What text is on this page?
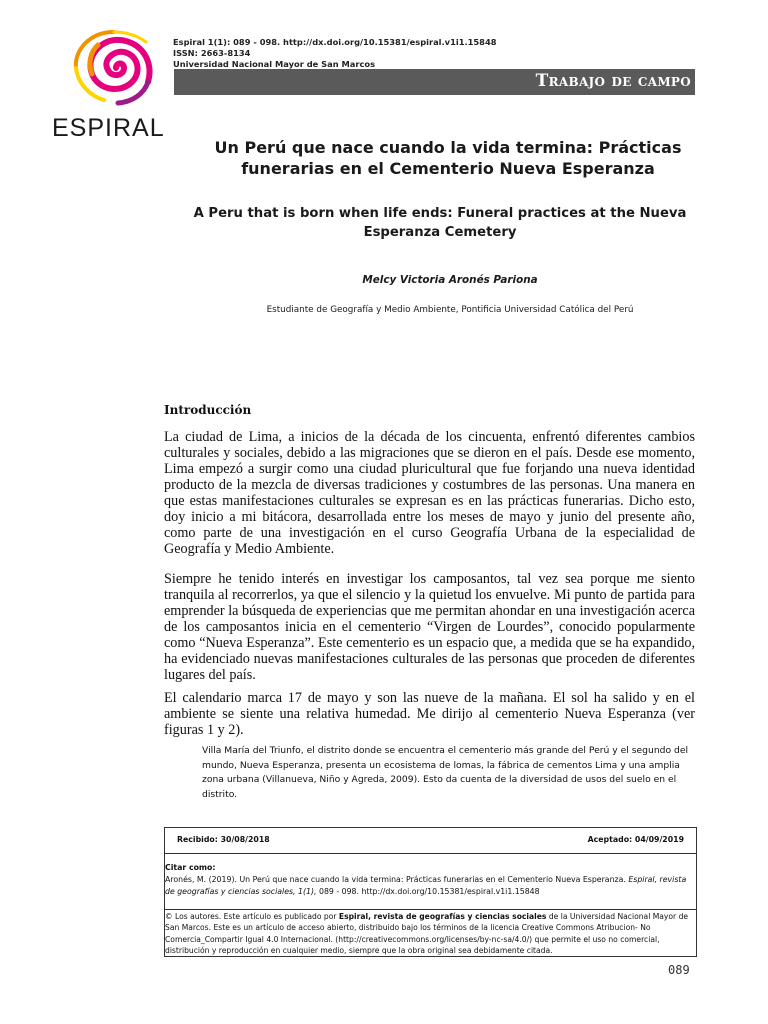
ESPIRAL
Espiral 1(1): 089 - 098. http://dx.doi.org/10.15381/espiral.v1i1.15848
ISSN: 2663-8134
Universidad Nacional Mayor de San Marcos
Trabajo de campo
Un Perú que nace cuando la vida termina: Prácticas funerarias en el Cementerio Nueva Esperanza
A Peru that is born when life ends: Funeral practices at the Nueva Esperanza Cemetery
Melcy Victoria Aronés Pariona
Estudiante de Geografía y Medio Ambiente, Pontificia Universidad Católica del Perú
Introducción

La ciudad de Lima, a inicios de la década de los cincuenta, enfrentó diferentes cambios culturales y sociales, debido a las migraciones que se dieron en el país. Desde ese momento, Lima empezó a surgir como una ciudad pluricultural que fue forjando una nueva identidad producto de la mezcla de diversas tradiciones y costumbres de las personas. Una manera en que estas manifestaciones culturales se expresan es en las prácticas funerarias. Dicho esto, doy inicio a mi bitácora, desarrollada entre los meses de mayo y junio del presente año, como parte de una investigación en el curso Geografía Urbana de la especialidad de Geografía y Medio Ambiente.

Siempre he tenido interés en investigar los camposantos, tal vez sea porque me siento tranquila al recorrerlos, ya que el silencio y la quietud los envuelve. Mi punto de partida para emprender la búsqueda de experiencias que me permitan ahondar en una investigación acerca de los camposantos inicia en el cementerio “Virgen de Lourdes”, conocido popularmente como “Nueva Esperanza”. Este cementerio es un espacio que, a medida que se ha expandido, ha evidenciado nuevas manifestaciones culturales de las personas que proceden de diferentes lugares del país.

El calendario marca 17 de mayo y son las nueve de la mañana. El sol ha salido y en el ambiente se siente una relativa humedad. Me dirijo al cementerio Nueva Esperanza (ver figuras 1 y 2).

Villa María del Triunfo, el distrito donde se encuentra el cementerio más grande del Perú y el segundo del mundo, Nueva Esperanza, presenta un ecosistema de lomas, la fábrica de cementos Lima y una amplia zona urbana (Villanueva, Niño y Agreda, 2009). Esto da cuenta de la diversidad de usos del suelo en el distrito.

Recibido: 30/08/2018	Aceptado: 04/09/2019
Citar como:
Aronés, M. (2019). Un Perú que nace cuando la vida termina: Prácticas funerarias en el Cementerio Nueva Esperanza. Espiral, revista de geografías y ciencias sociales, 1(1), 089 - 098. http://dx.doi.org/10.15381/espiral.v1i1.15848
© Los autores. Este artículo es publicado por Espiral, revista de geografías y ciencias sociales de la Universidad Nacional Mayor de San Marcos. Este es un artículo de acceso abierto, distribuido bajo los términos de la licencia Creative Commons Atribucion- No Comercia_Compartir Igual 4.0 Internacional. (http://creativecommons.org/licenses/by-nc-sa/4.0/) que permite el uso no comercial, distribución y reproducción en cualquier medio, siempre que la obra original sea debidamente citada.
089
